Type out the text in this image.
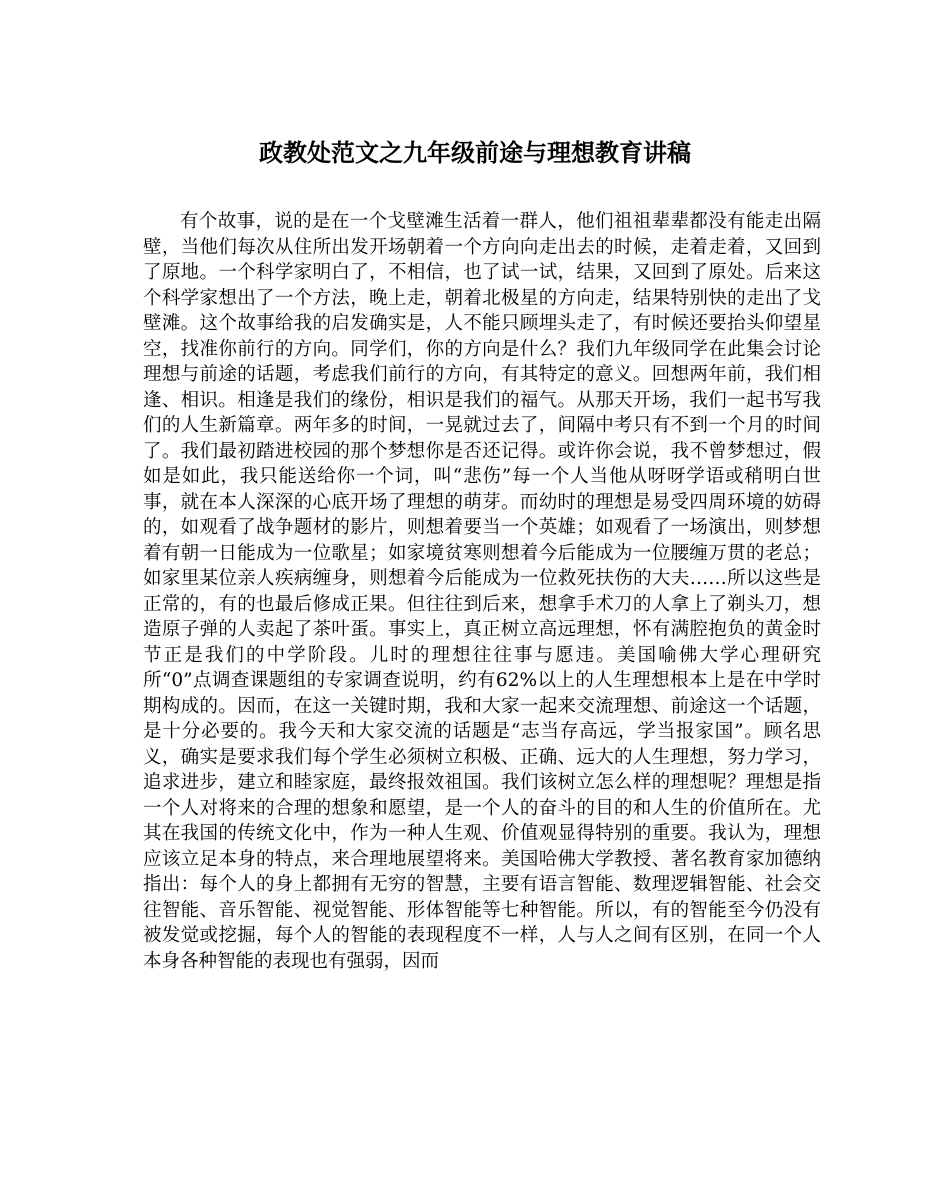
政教处范文之九年级前途与理想教育讲稿

有个故事，说的是在一个戈壁滩生活着一群人，他们祖祖辈辈都没有能走出隔壁，当他们每次从住所出发开场朝着一个方向向走出去的时候，走着走着，又回到了原地。一个科学家明白了，不相信，也了试一试，结果，又回到了原处。后来这个科学家想出了一个方法，晚上走，朝着北极星的方向走，结果特别快的走出了戈壁滩。这个故事给我的启发确实是，人不能只顾埋头走了，有时候还要抬头仰望星空，找准你前行的方向。同学们，你的方向是什么？我们九年级同学在此集会讨论理想与前途的话题，考虑我们前行的方向，有其特定的意义。回想两年前，我们相逢、相识。相逢是我们的缘份，相识是我们的福气。从那天开场，我们一起书写我们的人生新篇章。两年多的时间，一晃就过去了，间隔中考只有不到一个月的时间了。我们最初踏进校园的那个梦想你是否还记得。或许你会说，我不曾梦想过，假如是如此，我只能送给你一个词，叫“悲伤”每一个人当他从呀呀学语或稍明白世事，就在本人深深的心底开场了理想的萌芽。而幼时的理想是易受四周环境的妨碍的，如观看了战争题材的影片，则想着要当一个英雄；如观看了一场演出，则梦想着有朝一日能成为一位歌星；如家境贫寒则想着今后能成为一位腰缠万贯的老总；如家里某位亲人疾病缠身，则想着今后能成为一位救死扶伤的大夫……所以这些是正常的，有的也最后修成正果。但往往到后来，想拿手术刀的人拿上了剃头刀，想造原子弹的人卖起了茶叶蛋。事实上，真正树立高远理想，怀有满腔抱负的黄金时节正是我们的中学阶段。儿时的理想往往事与愿违。美国喻佛大学心理研究所“0”点调查课题组的专家调查说明，约有62%以上的人生理想根本上是在中学时期构成的。因而，在这一关键时期，我和大家一起来交流理想、前途这一个话题，是十分必要的。我今天和大家交流的话题是“志当存高远，学当报家国”。顾名思义，确实是要求我们每个学生必须树立积极、正确、远大的人生理想，努力学习，追求进步，建立和睦家庭，最终报效祖国。我们该树立怎么样的理想呢？理想是指一个人对将来的合理的想象和愿望，是一个人的奋斗的目的和人生的价值所在。尤其在我国的传统文化中，作为一种人生观、价值观显得特别的重要。我认为，理想应该立足本身的特点，来合理地展望将来。美国哈佛大学教授、著名教育家加德纳指出：每个人的身上都拥有无穷的智慧，主要有语言智能、数理逻辑智能、社会交往智能、音乐智能、视觉智能、形体智能等七种智能。所以，有的智能至今仍没有被发觉或挖掘，每个人的智能的表现程度不一样，人与人之间有区别，在同一个人本身各种智能的表现也有强弱，因而
